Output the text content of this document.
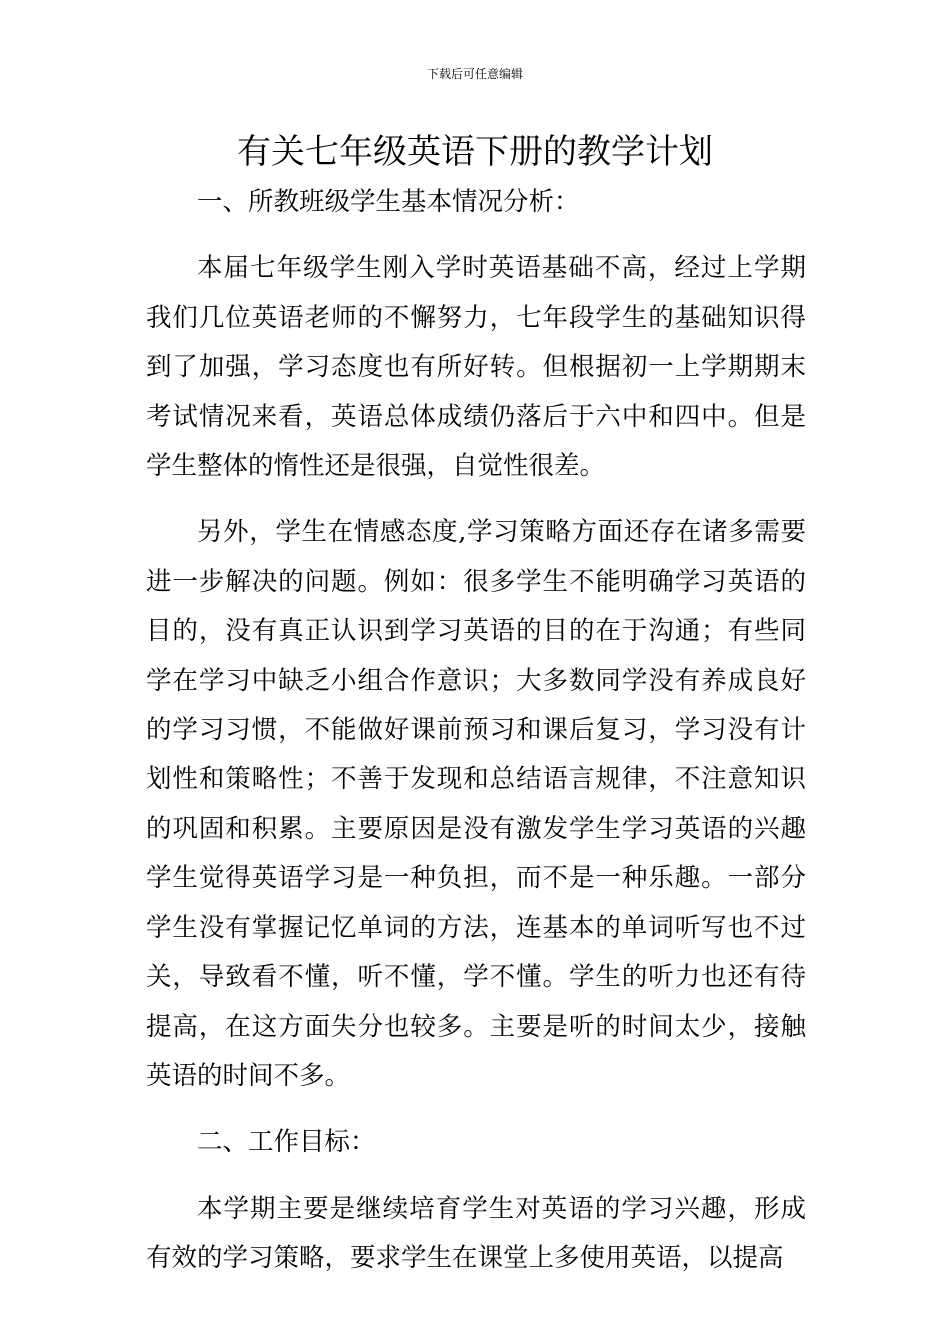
下载后可任意编辑
有关七年级英语下册的教学计划

一、所教班级学生基本情况分析：

本届七年级学生刚入学时英语基础不高，经过上学期我们几位英语老师的不懈努力，七年段学生的基础知识得到了加强，学习态度也有所好转。但根据初一上学期期末考试情况来看，英语总体成绩仍落后于六中和四中。但是学生整体的惰性还是很强，自觉性很差。

另外，学生在情感态度,学习策略方面还存在诸多需要进一步解决的问题。例如：很多学生不能明确学习英语的目的，没有真正认识到学习英语的目的在于沟通；有些同学在学习中缺乏小组合作意识；大多数同学没有养成良好的学习习惯，不能做好课前预习和课后复习，学习没有计划性和策略性；不善于发现和总结语言规律，不注意知识的巩固和积累。主要原因是没有激发学生学习英语的兴趣学生觉得英语学习是一种负担，而不是一种乐趣。一部分学生没有掌握记忆单词的方法，连基本的单词听写也不过关，导致看不懂，听不懂，学不懂。学生的听力也还有待提高，在这方面失分也较多。主要是听的时间太少，接触英语的时间不多。

二、工作目标：

本学期主要是继续培育学生对英语的学习兴趣，形成有效的学习策略，要求学生在课堂上多使用英语，以提高
